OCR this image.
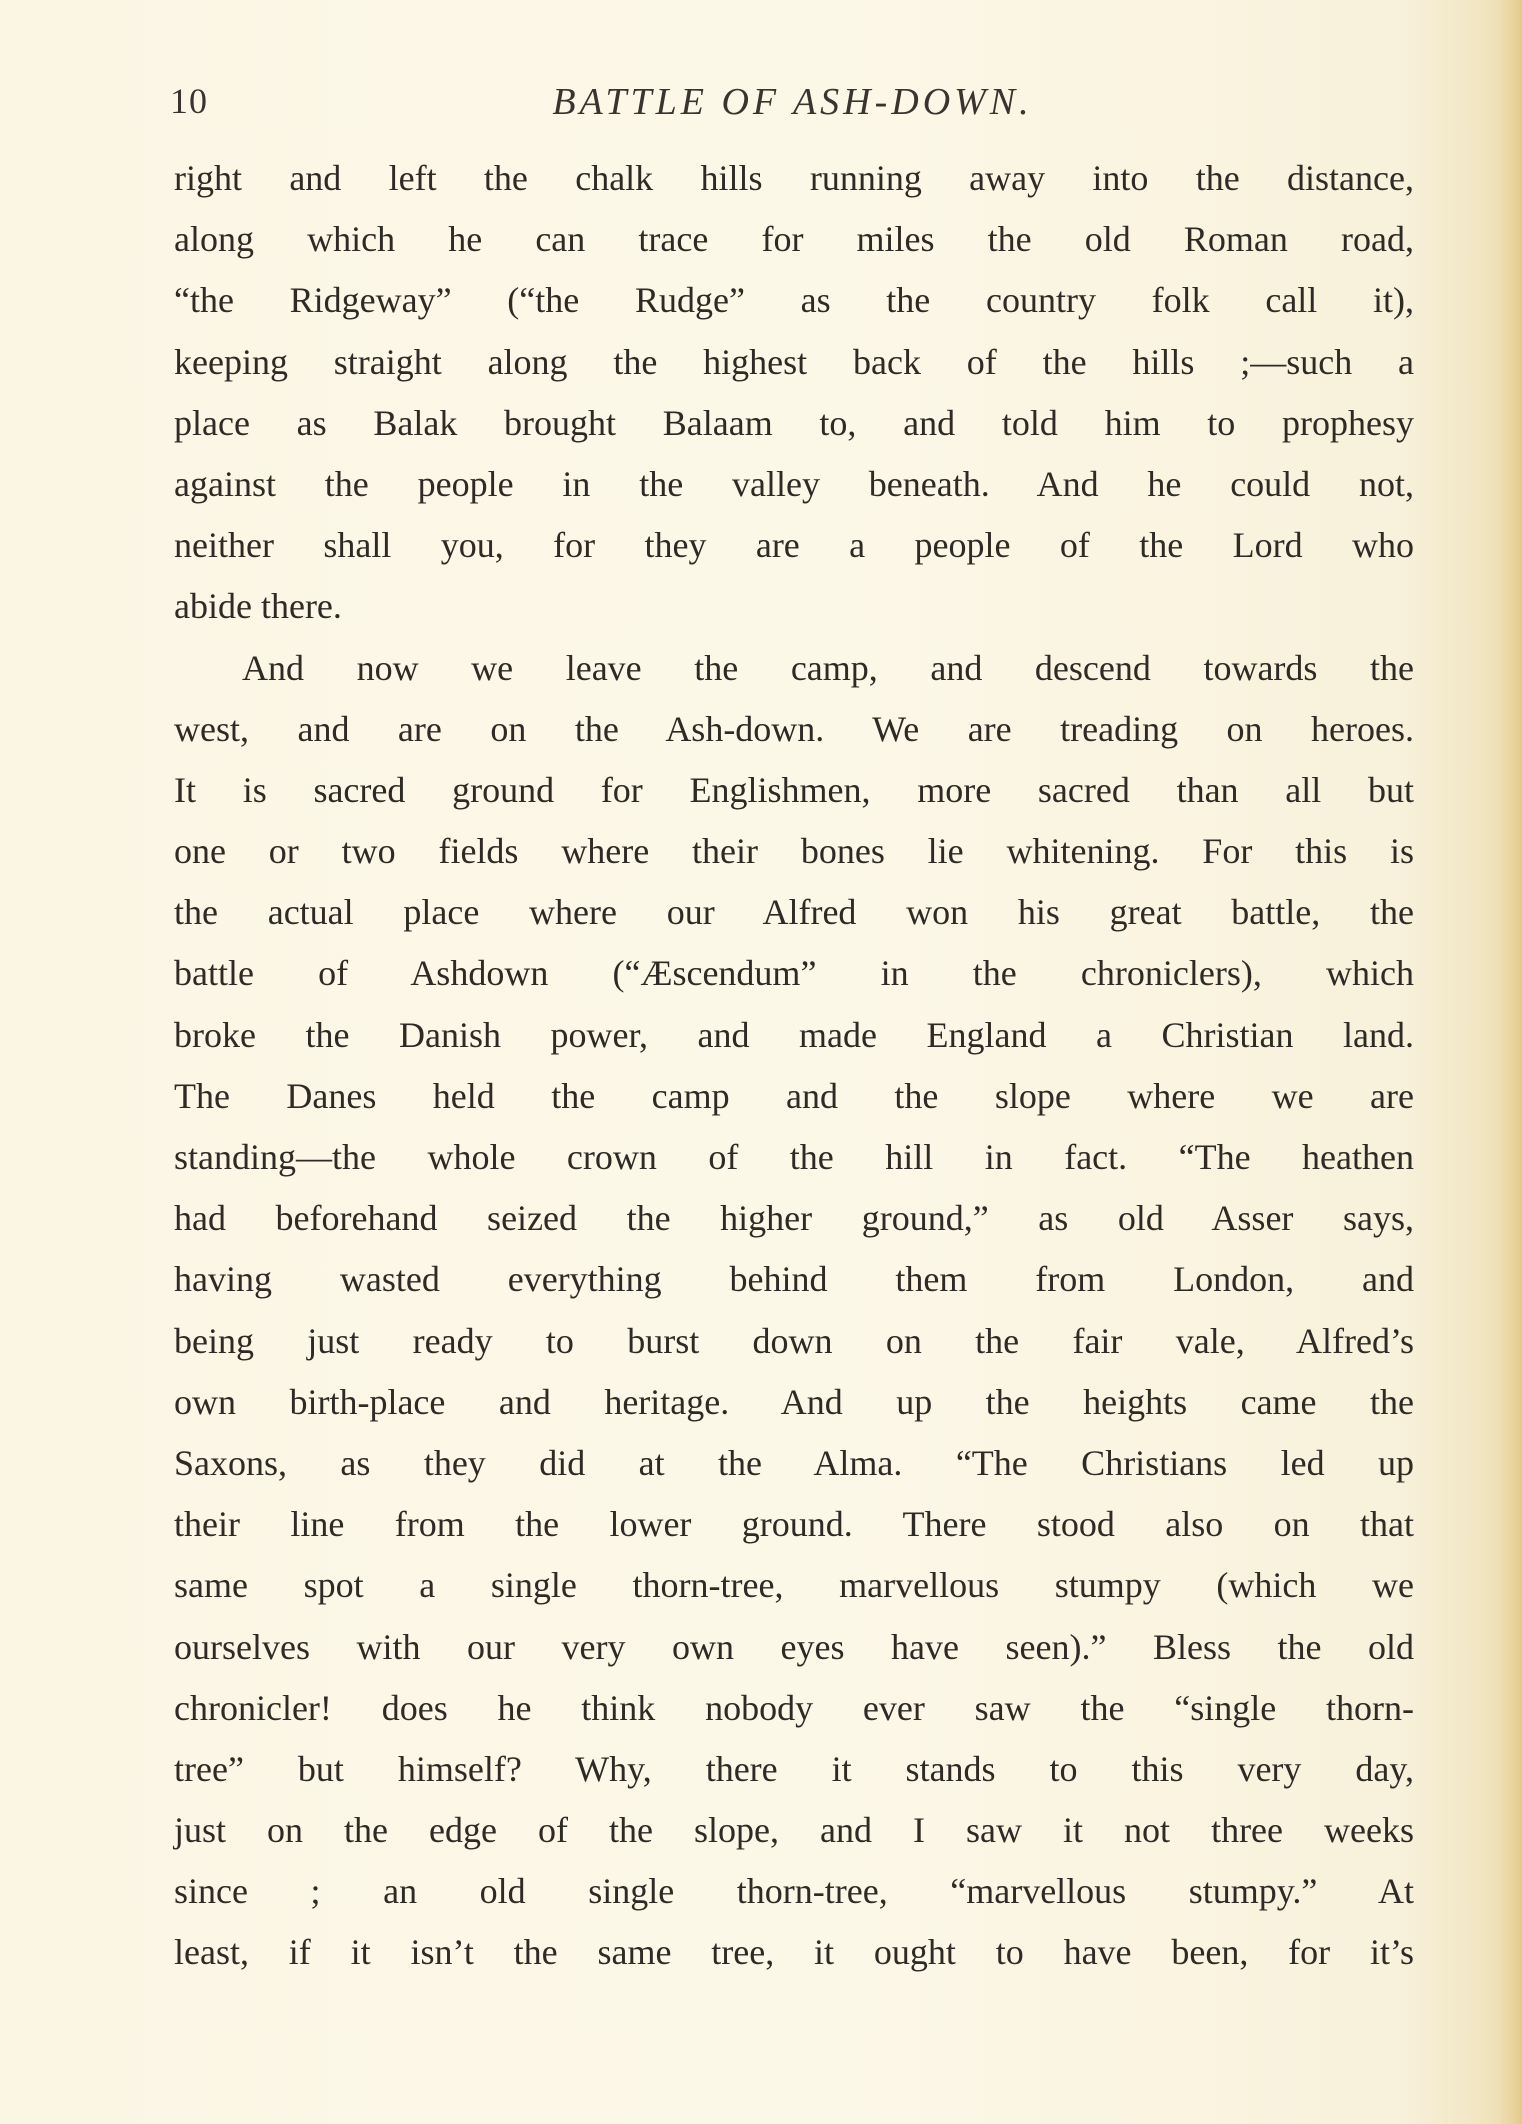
10	BATTLE OF ASH-DOWN.

right and left the chalk hills running away into the distance,
along which he can trace for miles the old Roman road,
“the Ridgeway” (“the Rudge” as the country folk call it),
keeping straight along the highest back of the hills ;—such a
place as Balak brought Balaam to, and told him to prophesy
against the people in the valley beneath. And he could not,
neither shall you, for they are a people of the Lord who
abide there.

And now we leave the camp, and descend towards the
west, and are on the Ash-down. We are treading on heroes.
It is sacred ground for Englishmen, more sacred than all but
one or two fields where their bones lie whitening. For this is
the actual place where our Alfred won his great battle, the
battle of Ashdown (“Æscendum” in the chroniclers), which
broke the Danish power, and made England a Christian land.
The Danes held the camp and the slope where we are
standing—the whole crown of the hill in fact. “The heathen
had beforehand seized the higher ground,” as old Asser says,
having wasted everything behind them from London, and
being just ready to burst down on the fair vale, Alfred’s
own birth-place and heritage. And up the heights came the
Saxons, as they did at the Alma. “The Christians led up
their line from the lower ground. There stood also on that
same spot a single thorn-tree, marvellous stumpy (which we
ourselves with our very own eyes have seen).” Bless the old
chronicler! does he think nobody ever saw the “single thorn-
tree” but himself? Why, there it stands to this very day,
just on the edge of the slope, and I saw it not three weeks
since ; an old single thorn-tree, “marvellous stumpy.” At
least, if it isn’t the same tree, it ought to have been, for it’s
